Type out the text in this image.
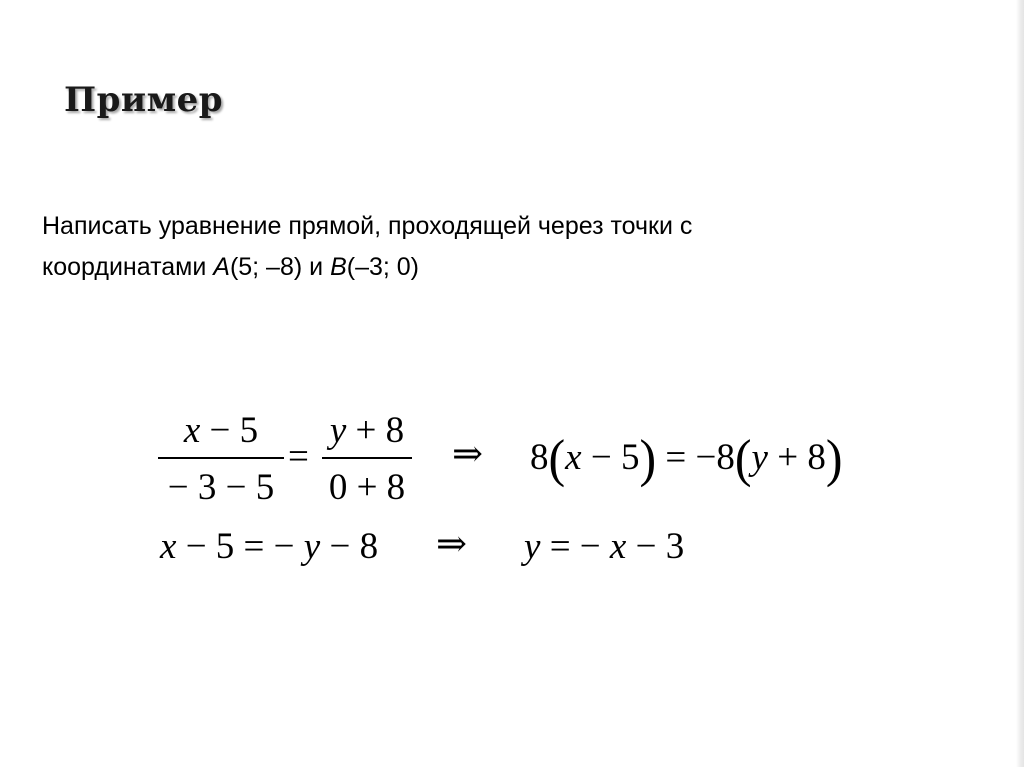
Пример

Написать уравнение прямой, проходящей через точки с
координатами A(5; –8) и B(–3; 0)

x − 5
− 3 − 5
=
y + 8
0 + 8
⇒ 8(x − 5) = −8(y + 8)
x − 5 = − y − 8 ⇒ y = − x − 3
